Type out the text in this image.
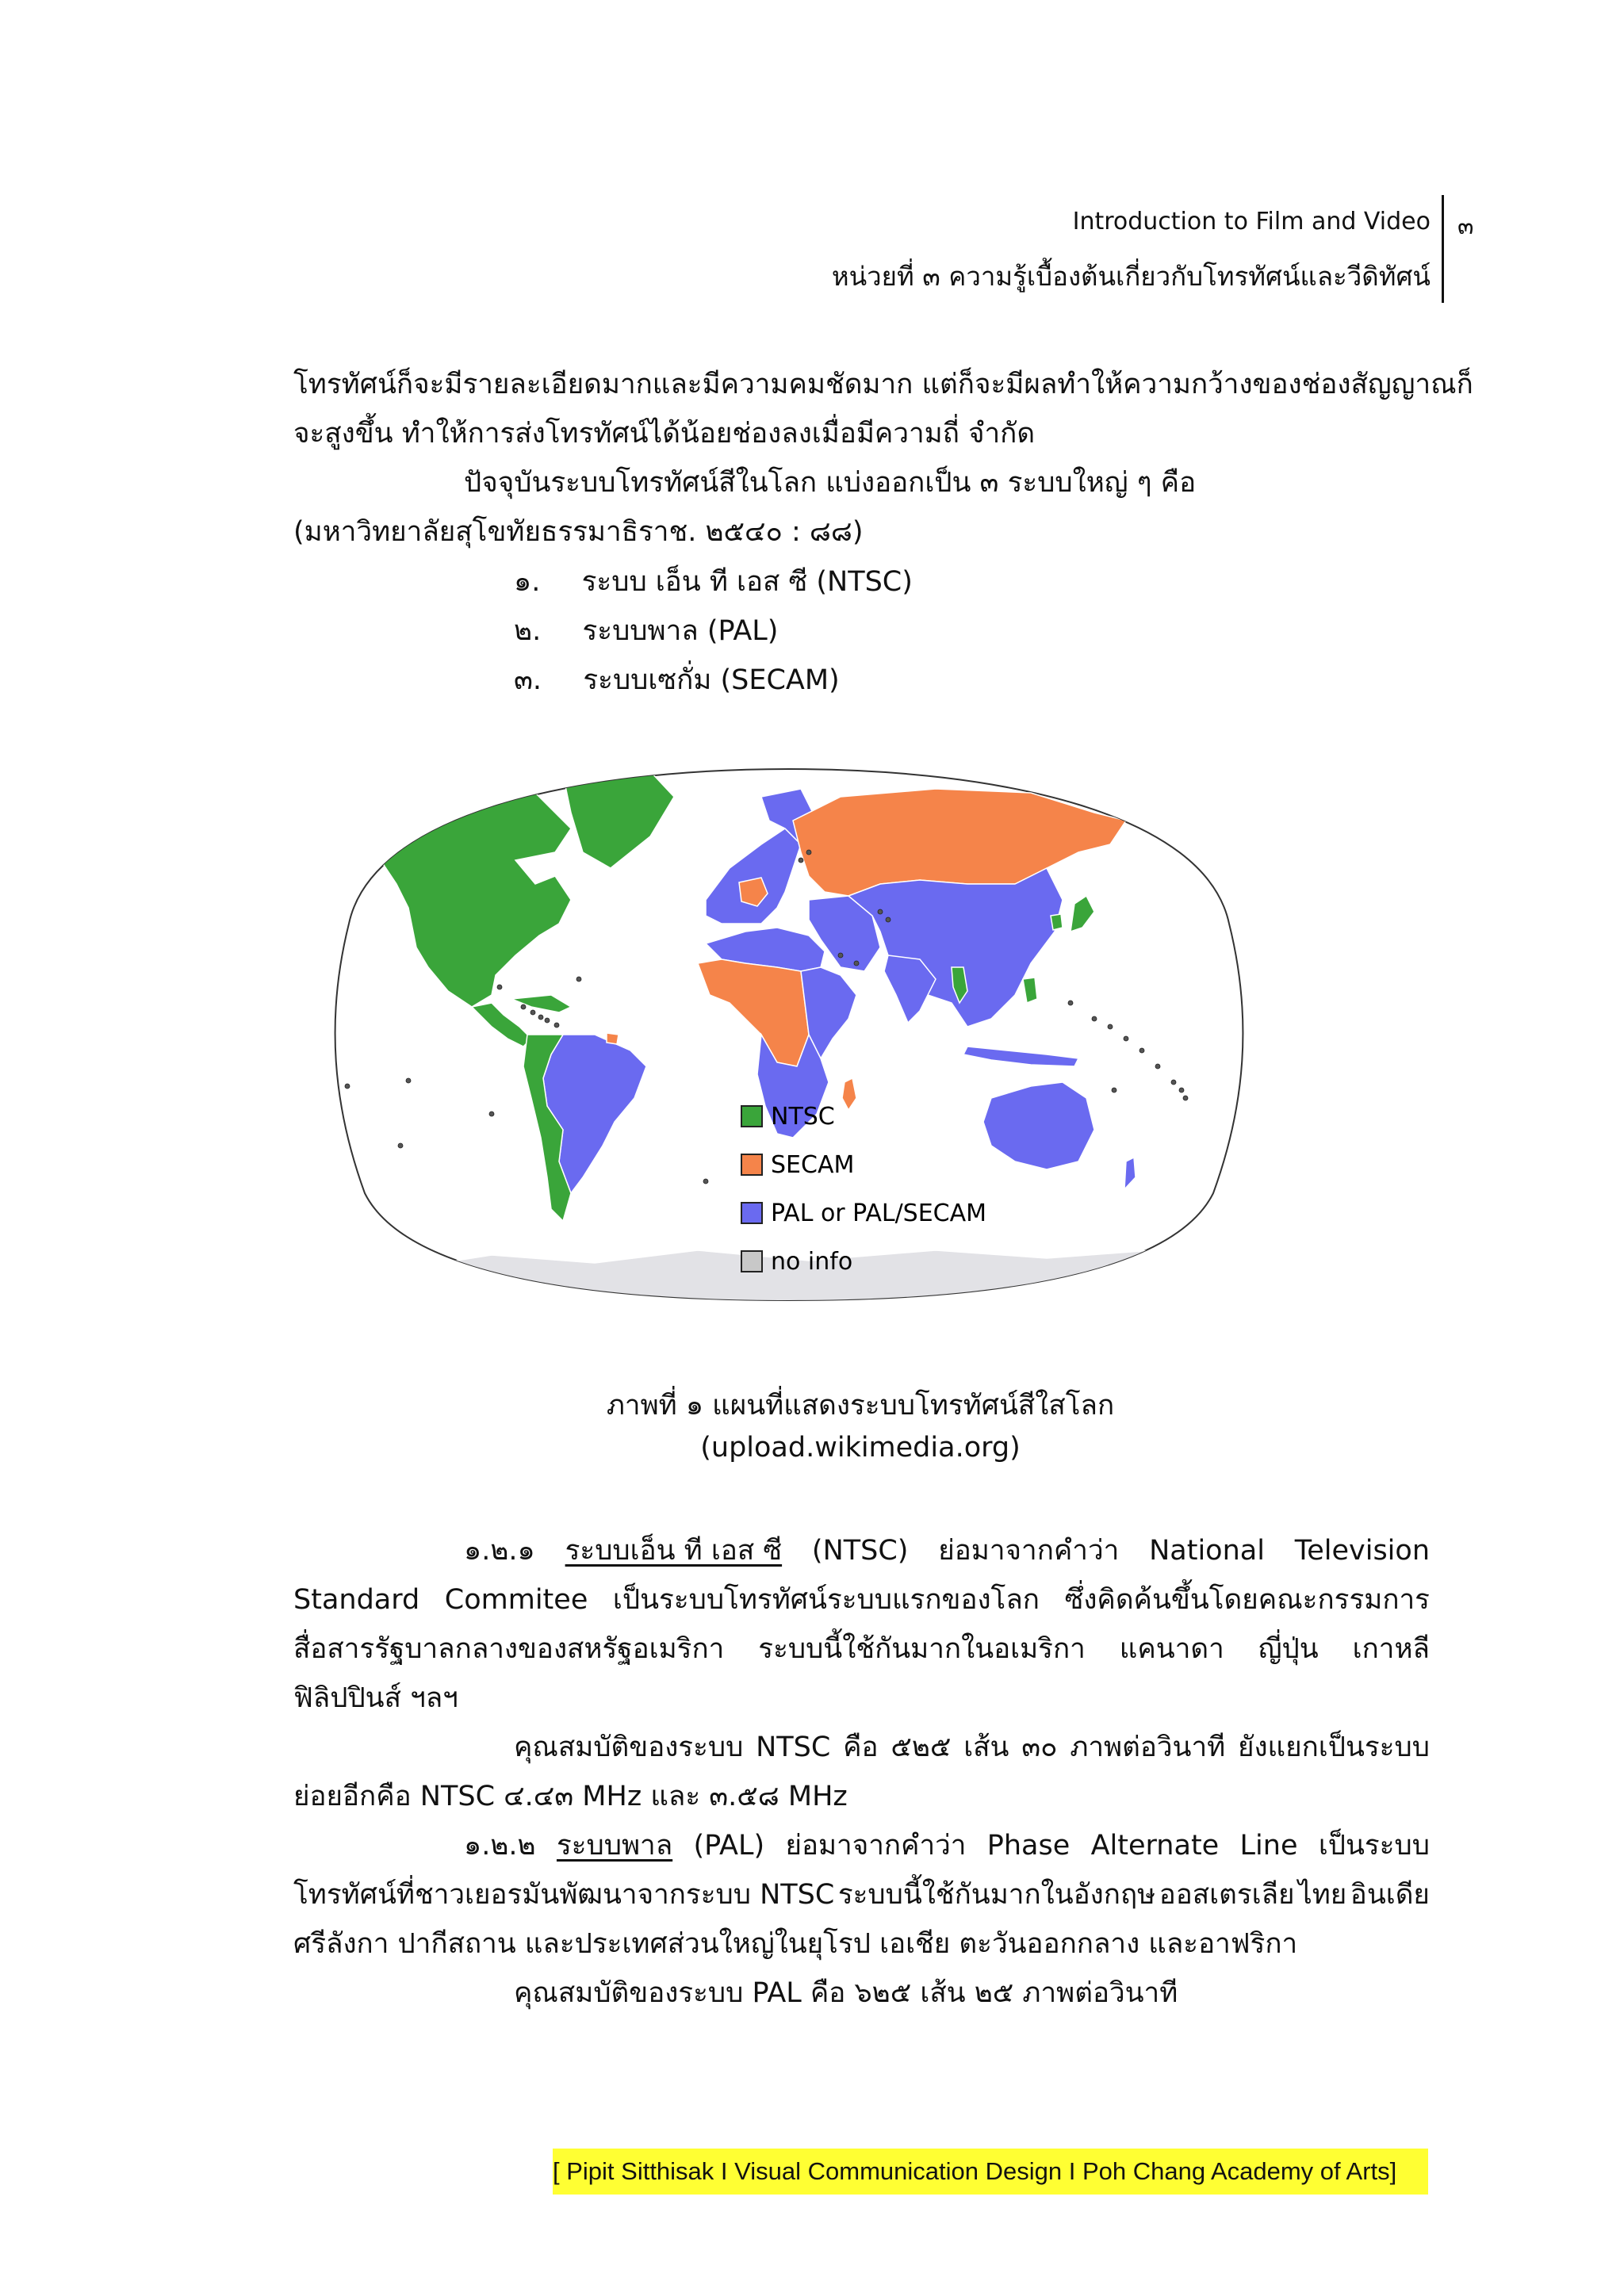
Introduction to Film and Video
หน่วยที่ ๓ ความรู้เบื้องต้นเกี่ยวกับโทรทัศน์และวีดิทัศน์
๓
โทรทัศน์ก็จะมีรายละเอียดมากและมีความคมชัดมาก แต่ก็จะมีผลทำให้ความกว้างของช่องสัญญาณก็
จะสูงขึ้น ทำให้การส่งโทรทัศน์ได้น้อยช่องลงเมื่อมีความถี่ จำกัด
ปัจจุบันระบบโทรทัศน์สีในโลก แบ่งออกเป็น ๓ ระบบใหญ่ ๆ คือ
(มหาวิทยาลัยสุโขทัยธรรมาธิราช. ๒๕๔๐ : ๘๘)
๑. ระบบ เอ็น ที เอส ซี (NTSC)
๒. ระบบพาล (PAL)
๓. ระบบเซกั่ม (SECAM)
NTSC
SECAM
PAL or PAL/SECAM
no info
ภาพที่ ๑ แผนที่แสดงระบบโทรทัศน์สีใสโลก
(upload.wikimedia.org)
๑.๒.๑ ระบบเอ็น ที เอส ซี (NTSC) ย่อมาจากคำว่า National Television
Standard Commitee เป็นระบบโทรทัศน์ระบบแรกของโลก ซึ่งคิดค้นขึ้นโดยคณะกรรมการ
สื่อสารรัฐบาลกลางของสหรัฐอเมริกา ระบบนี้ใช้กันมากในอเมริกา แคนาดา ญี่ปุ่น เกาหลี
ฟิลิปปินส์ ฯลฯ
คุณสมบัติของระบบ NTSC คือ ๕๒๕ เส้น ๓๐ ภาพต่อวินาที ยังแยกเป็นระบบ
ย่อยอีกคือ NTSC ๔.๔๓ MHz และ ๓.๕๘ MHz
๑.๒.๒ ระบบพาล (PAL) ย่อมาจากคำว่า Phase Alternate Line เป็นระบบ
โทรทัศน์ที่ชาวเยอรมันพัฒนาจากระบบ NTSC ระบบนี้ใช้กันมากในอังกฤษ ออสเตรเลีย ไทย อินเดีย
ศรีลังกา ปากีสถาน และประเทศส่วนใหญ่ในยุโรป เอเชีย ตะวันออกกลาง และอาฟริกา
คุณสมบัติของระบบ PAL คือ ๖๒๕ เส้น ๒๕ ภาพต่อวินาที
[ Pipit Sitthisak I Visual Communication Design I Poh Chang Academy of Arts]
